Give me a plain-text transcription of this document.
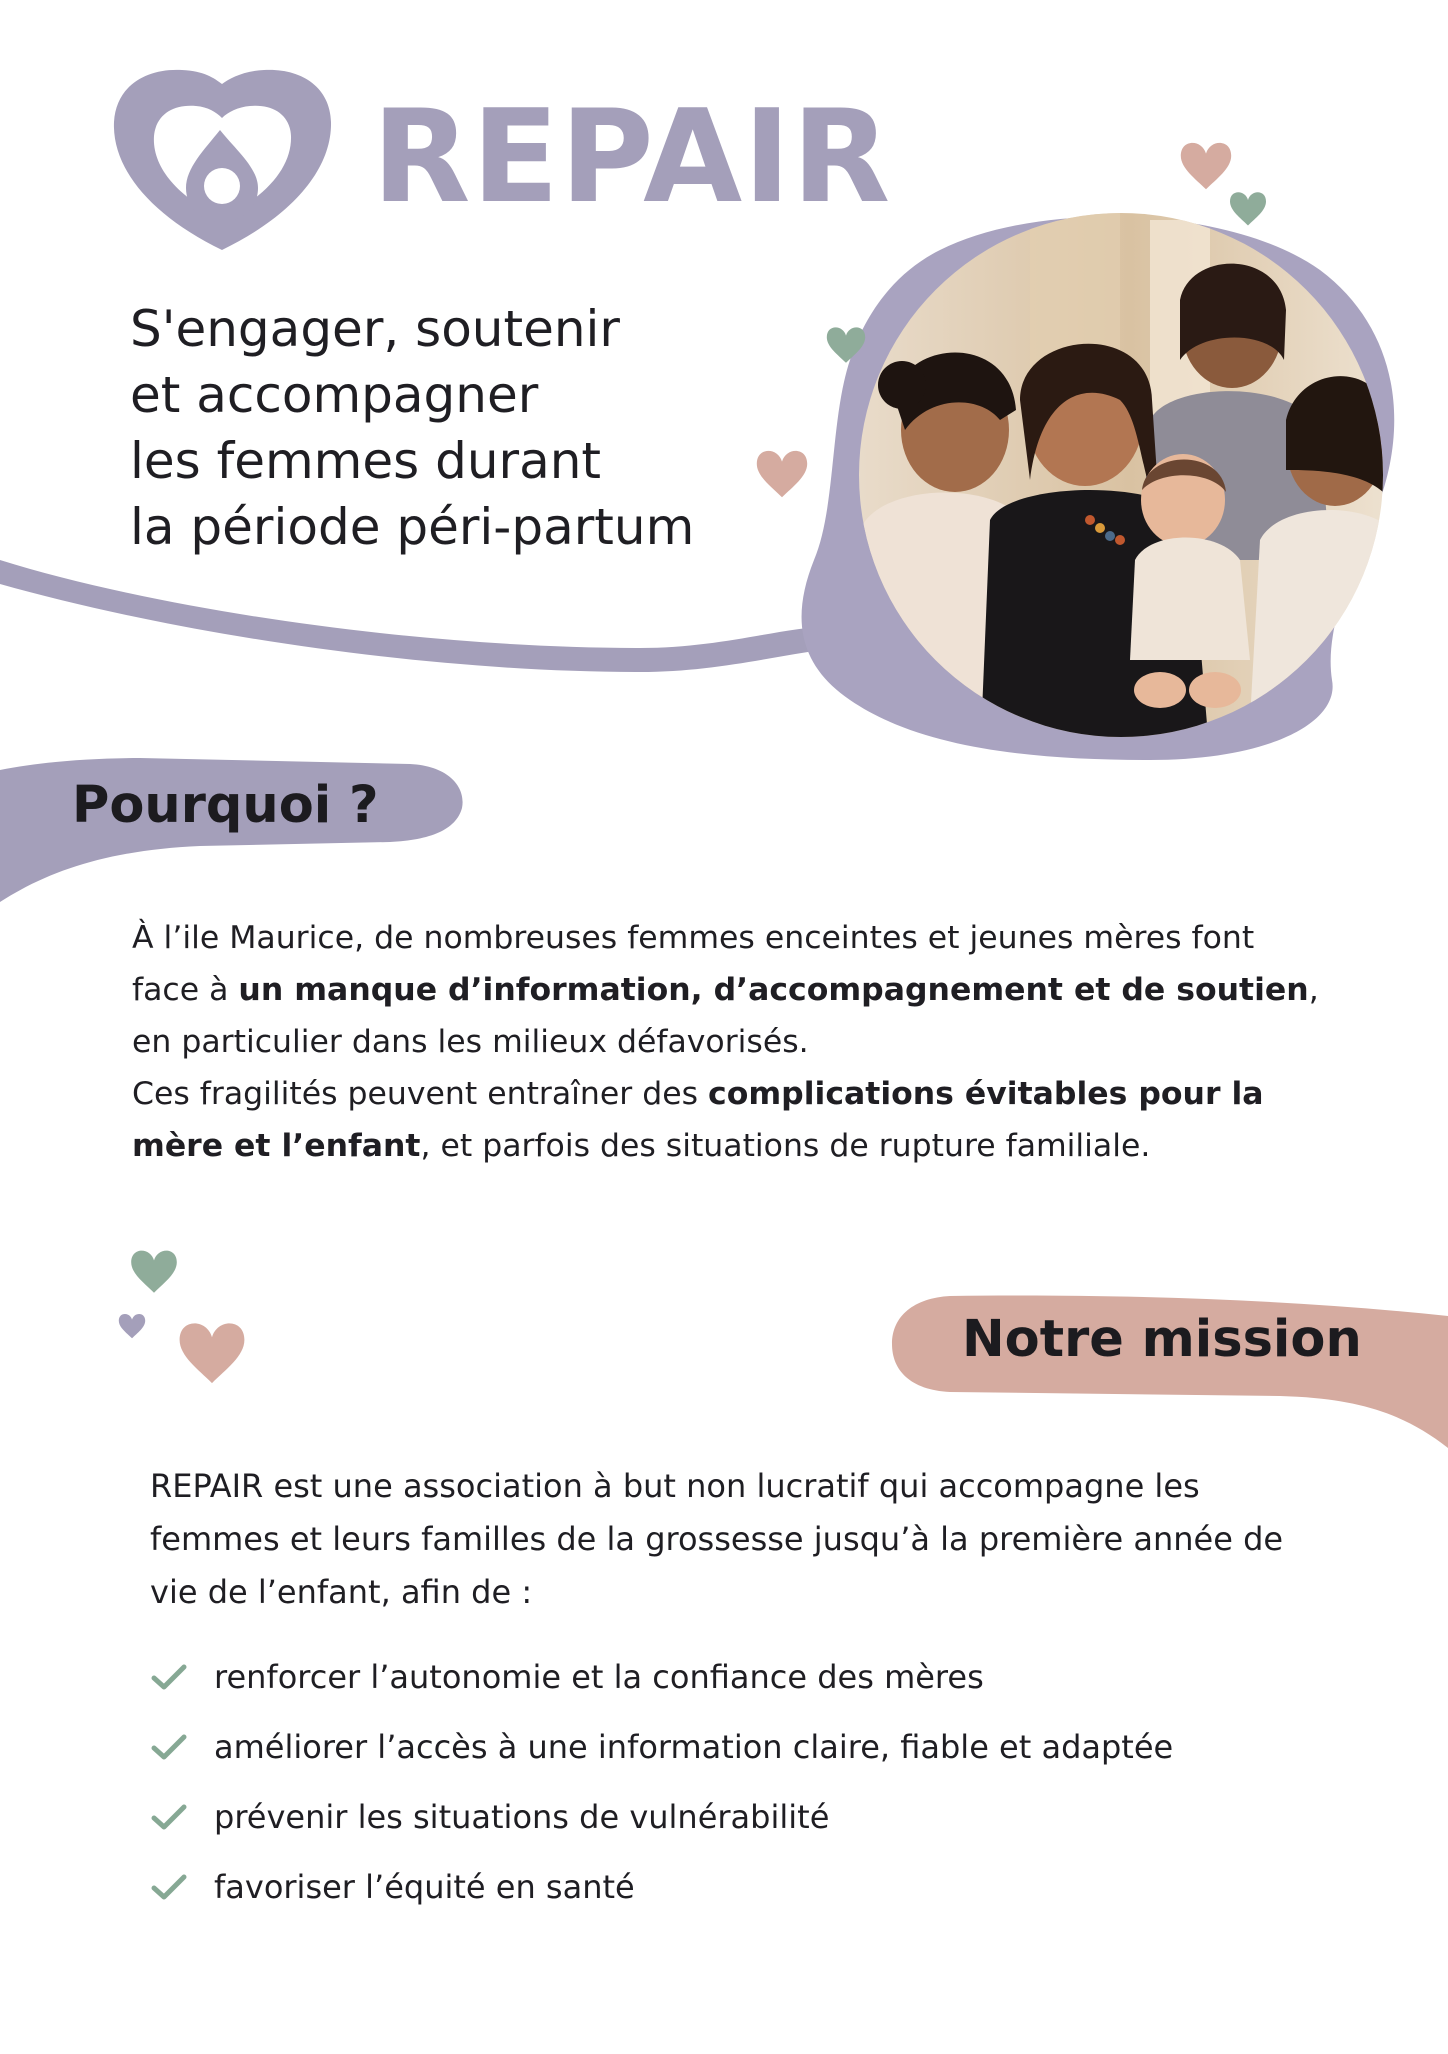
REPAIR
S'engager, soutenir
et accompagner
les femmes durant
la période péri-partum
Pourquoi ?
À l’ile Maurice, de nombreuses femmes enceintes et jeunes mères font face à un manque d’information, d’accompagnement et de soutien, en particulier dans les milieux défavorisés.
Ces fragilités peuvent entraîner des complications évitables pour la mère et l’enfant, et parfois des situations de rupture familiale.
Notre mission
REPAIR est une association à but non lucratif qui accompagne les femmes et leurs familles de la grossesse jusqu’à la première année de vie de l’enfant, afin de :
renforcer l’autonomie et la confiance des mères
améliorer l’accès à une information claire, fiable et adaptée
prévenir les situations de vulnérabilité
favoriser l’équité en santé
